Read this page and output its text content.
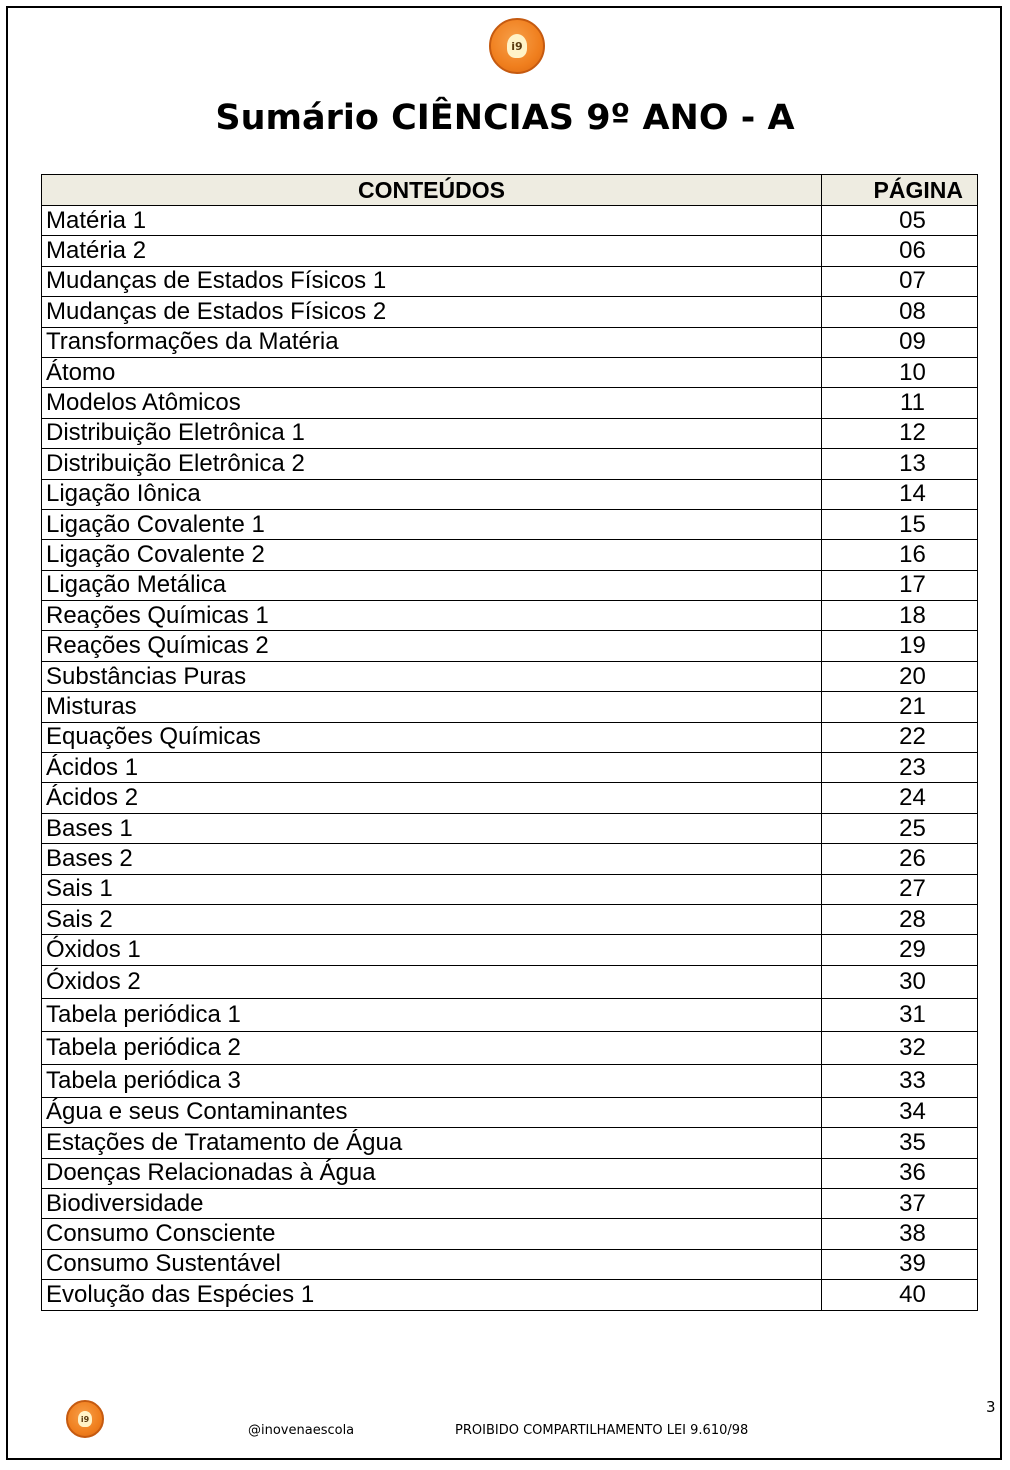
i9
Sumário CIÊNCIAS 9º ANO - A
CONTEÚDOS	PÁGINA
Matéria 1	05
Matéria 2	06
Mudanças de Estados Físicos 1	07
Mudanças de Estados Físicos 2	08
Transformações da Matéria	09
Átomo	10
Modelos Atômicos	11
Distribuição Eletrônica 1	12
Distribuição Eletrônica 2	13
Ligação Iônica	14
Ligação Covalente 1	15
Ligação Covalente 2	16
Ligação Metálica	17
Reações Químicas 1	18
Reações Químicas 2	19
Substâncias Puras	20
Misturas	21
Equações Químicas	22
Ácidos 1	23
Ácidos 2	24
Bases 1	25
Bases 2	26
Sais 1	27
Sais 2	28
Óxidos 1	29
Óxidos 2	30
Tabela periódica 1	31
Tabela periódica 2	32
Tabela periódica 3	33
Água e seus Contaminantes	34
Estações de Tratamento de Água	35
Doenças Relacionadas à Água	36
Biodiversidade	37
Consumo Consciente	38
Consumo Sustentável	39
Evolução das Espécies 1	40
i9
@inovenaescola	PROIBIDO COMPARTILHAMENTO LEI 9.610/98
3
